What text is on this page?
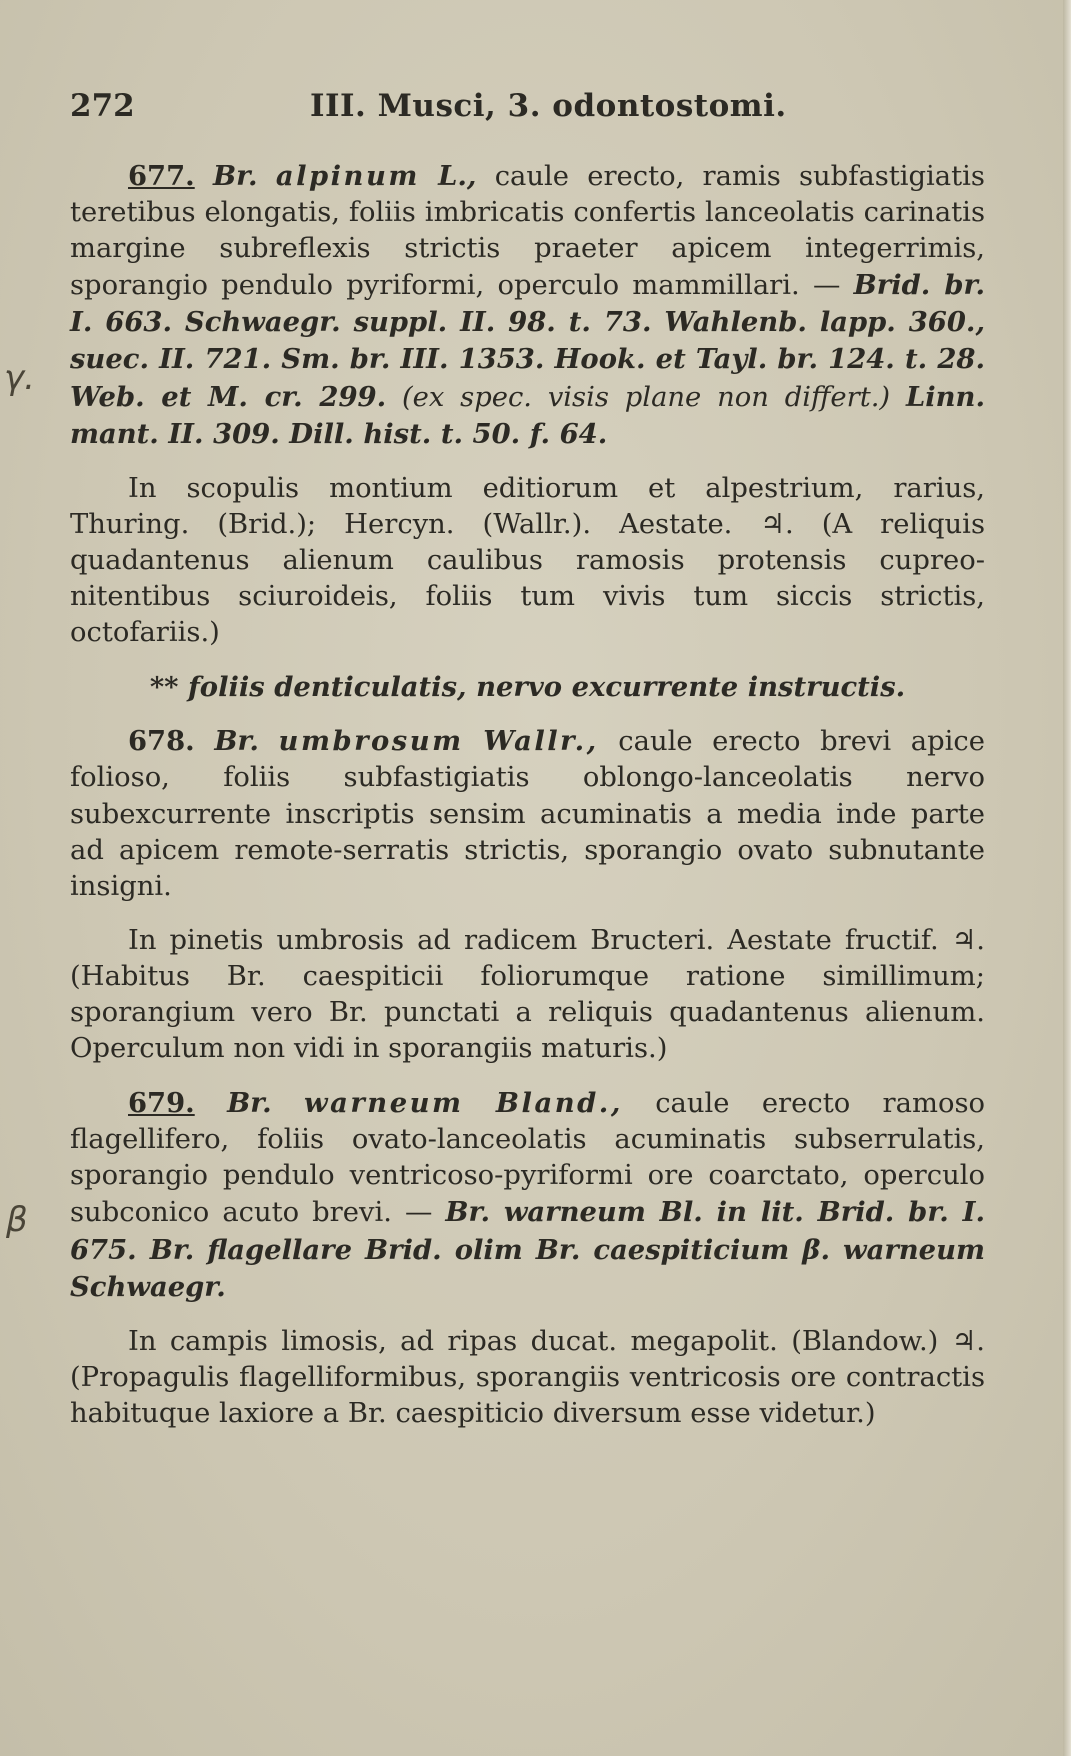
272	III. Musci, 3. odontostomi.
γ.
β

677. Br. alpinum L., caule erecto, ramis subfastigiatis teretibus elongatis, foliis imbricatis confertis lanceolatis carinatis margine subreflexis strictis praeter apicem integerrimis, sporangio pendulo pyriformi, operculo mammillari. — Brid. br. I. 663. Schwaegr. suppl. II. 98. t. 73. Wahlenb. lapp. 360., suec. II. 721. Sm. br. III. 1353. Hook. et Tayl. br. 124. t. 28. Web. et M. cr. 299. (ex spec. visis plane non differt.) Linn. mant. II. 309. Dill. hist. t. 50. f. 64.

In scopulis montium editiorum et alpestrium, rarius, Thuring. (Brid.); Hercyn. (Wallr.). Aestate. ♃. (A reliquis quadantenus alienum caulibus ramosis protensis cupreo-nitentibus sciuroideis, foliis tum vivis tum siccis strictis, octofariis.)

** foliis denticulatis, nervo excurrente instructis.

678. Br. umbrosum Wallr., caule erecto brevi apice folioso, foliis subfastigiatis oblongo-lanceolatis nervo subexcurrente inscriptis sensim acuminatis a media inde parte ad apicem remote-serratis strictis, sporangio ovato subnutante insigni.

In pinetis umbrosis ad radicem Bructeri. Aestate fructif. ♃. (Habitus Br. caespiticii foliorumque ratione simillimum; sporangium vero Br. punctati a reliquis quadantenus alienum. Operculum non vidi in sporangiis maturis.)

679. Br. warneum Bland., caule erecto ramoso flagellifero, foliis ovato-lanceolatis acuminatis subserrulatis, sporangio pendulo ventricoso-pyriformi ore coarctato, operculo subconico acuto brevi. — Br. warneum Bl. in lit. Brid. br. I. 675. Br. flagellare Brid. olim Br. caespiticium β. warneum Schwaegr.

In campis limosis, ad ripas ducat. megapolit. (Blandow.) ♃. (Propagulis flagelliformibus, sporangiis ventricosis ore contractis habituque laxiore a Br. caespiticio diversum esse videtur.)
